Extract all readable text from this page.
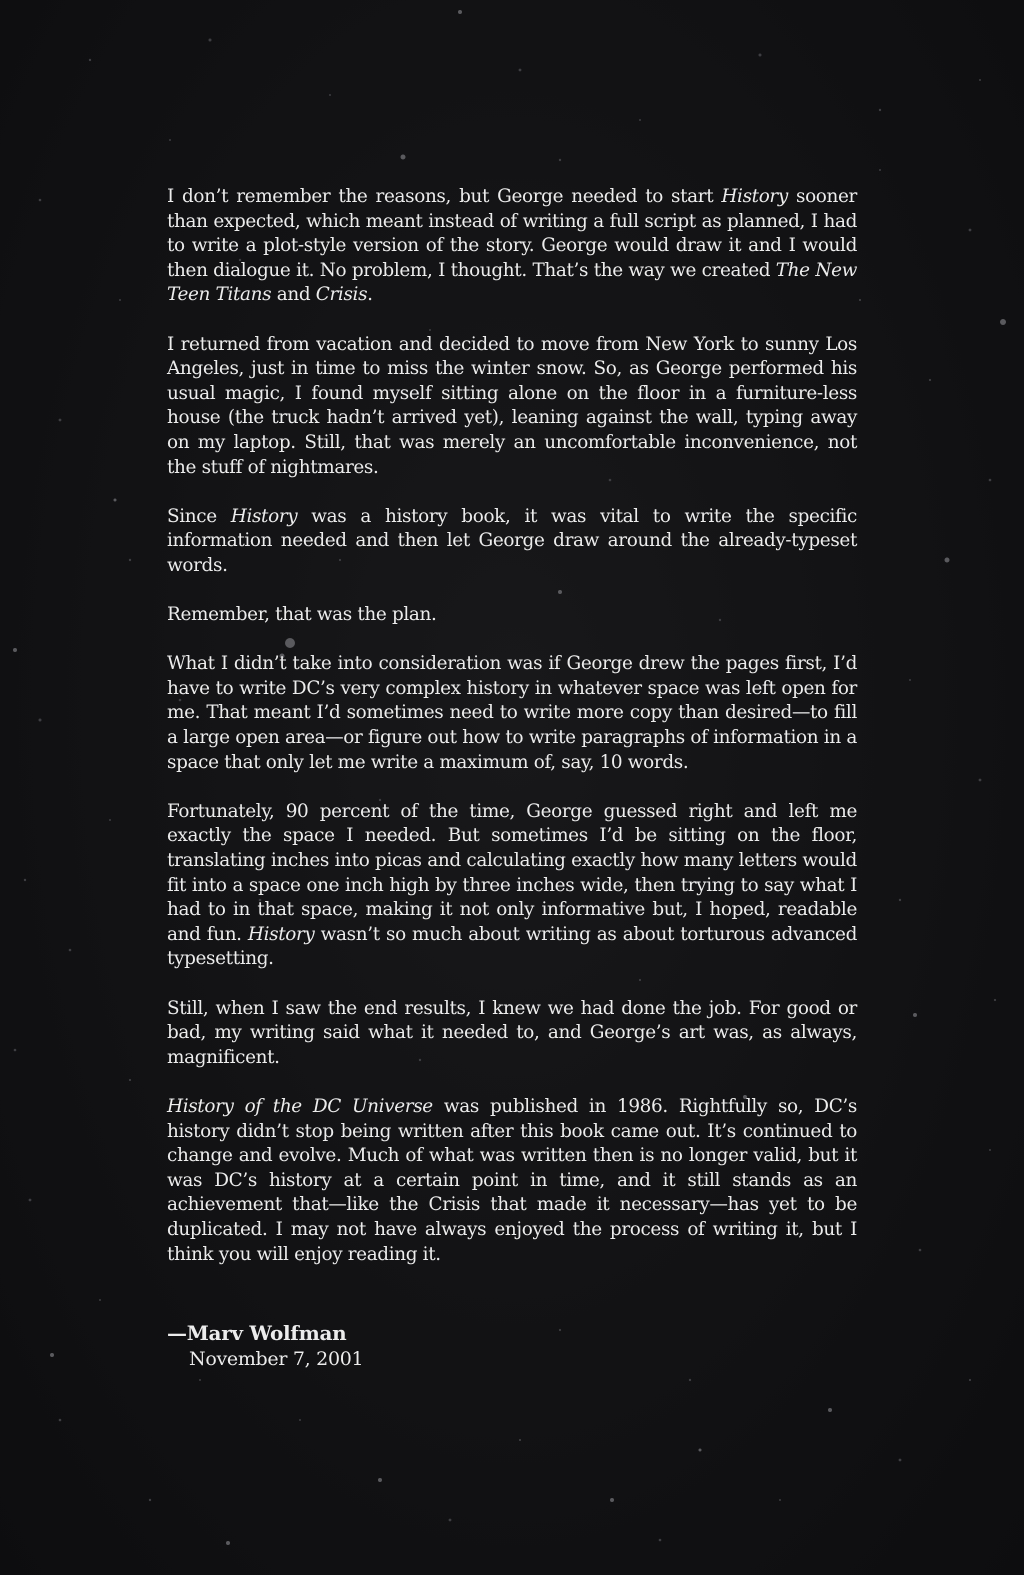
I don’t remember the reasons, but George needed to start History sooner than expected, which meant instead of writing a full script as planned, I had to write a plot-style version of the story. George would draw it and I would then dialogue it. No problem, I thought. That’s the way we created The New Teen Titans and Crisis.

I returned from vacation and decided to move from New York to sunny Los Angeles, just in time to miss the winter snow. So, as George performed his usual magic, I found myself sitting alone on the floor in a furniture-less house (the truck hadn’t arrived yet), leaning against the wall, typing away on my laptop. Still, that was merely an uncomfortable inconvenience, not the stuff of nightmares.

Since History was a history book, it was vital to write the specific information needed and then let George draw around the already-typeset words.

Remember, that was the plan.

What I didn’t take into consideration was if George drew the pages first, I’d have to write DC’s very complex history in whatever space was left open for me. That meant I’d sometimes need to write more copy than desired—to fill a large open area—or figure out how to write paragraphs of information in a space that only let me write a maximum of, say, 10 words.

Fortunately, 90 percent of the time, George guessed right and left me exactly the space I needed. But sometimes I’d be sitting on the floor, translating inches into picas and calculating exactly how many letters would fit into a space one inch high by three inches wide, then trying to say what I had to in that space, making it not only informative but, I hoped, readable and fun. History wasn’t so much about writing as about torturous advanced typesetting.

Still, when I saw the end results, I knew we had done the job. For good or bad, my writing said what it needed to, and George’s art was, as always, magnificent.

History of the DC Universe was published in 1986. Rightfully so, DC’s history didn’t stop being written after this book came out. It’s continued to change and evolve. Much of what was written then is no longer valid, but it was DC’s history at a certain point in time, and it still stands as an achievement that—like the Crisis that made it necessary—has yet to be duplicated. I may not have always enjoyed the process of writing it, but I think you will enjoy reading it.

—Marv Wolfman
November 7, 2001
